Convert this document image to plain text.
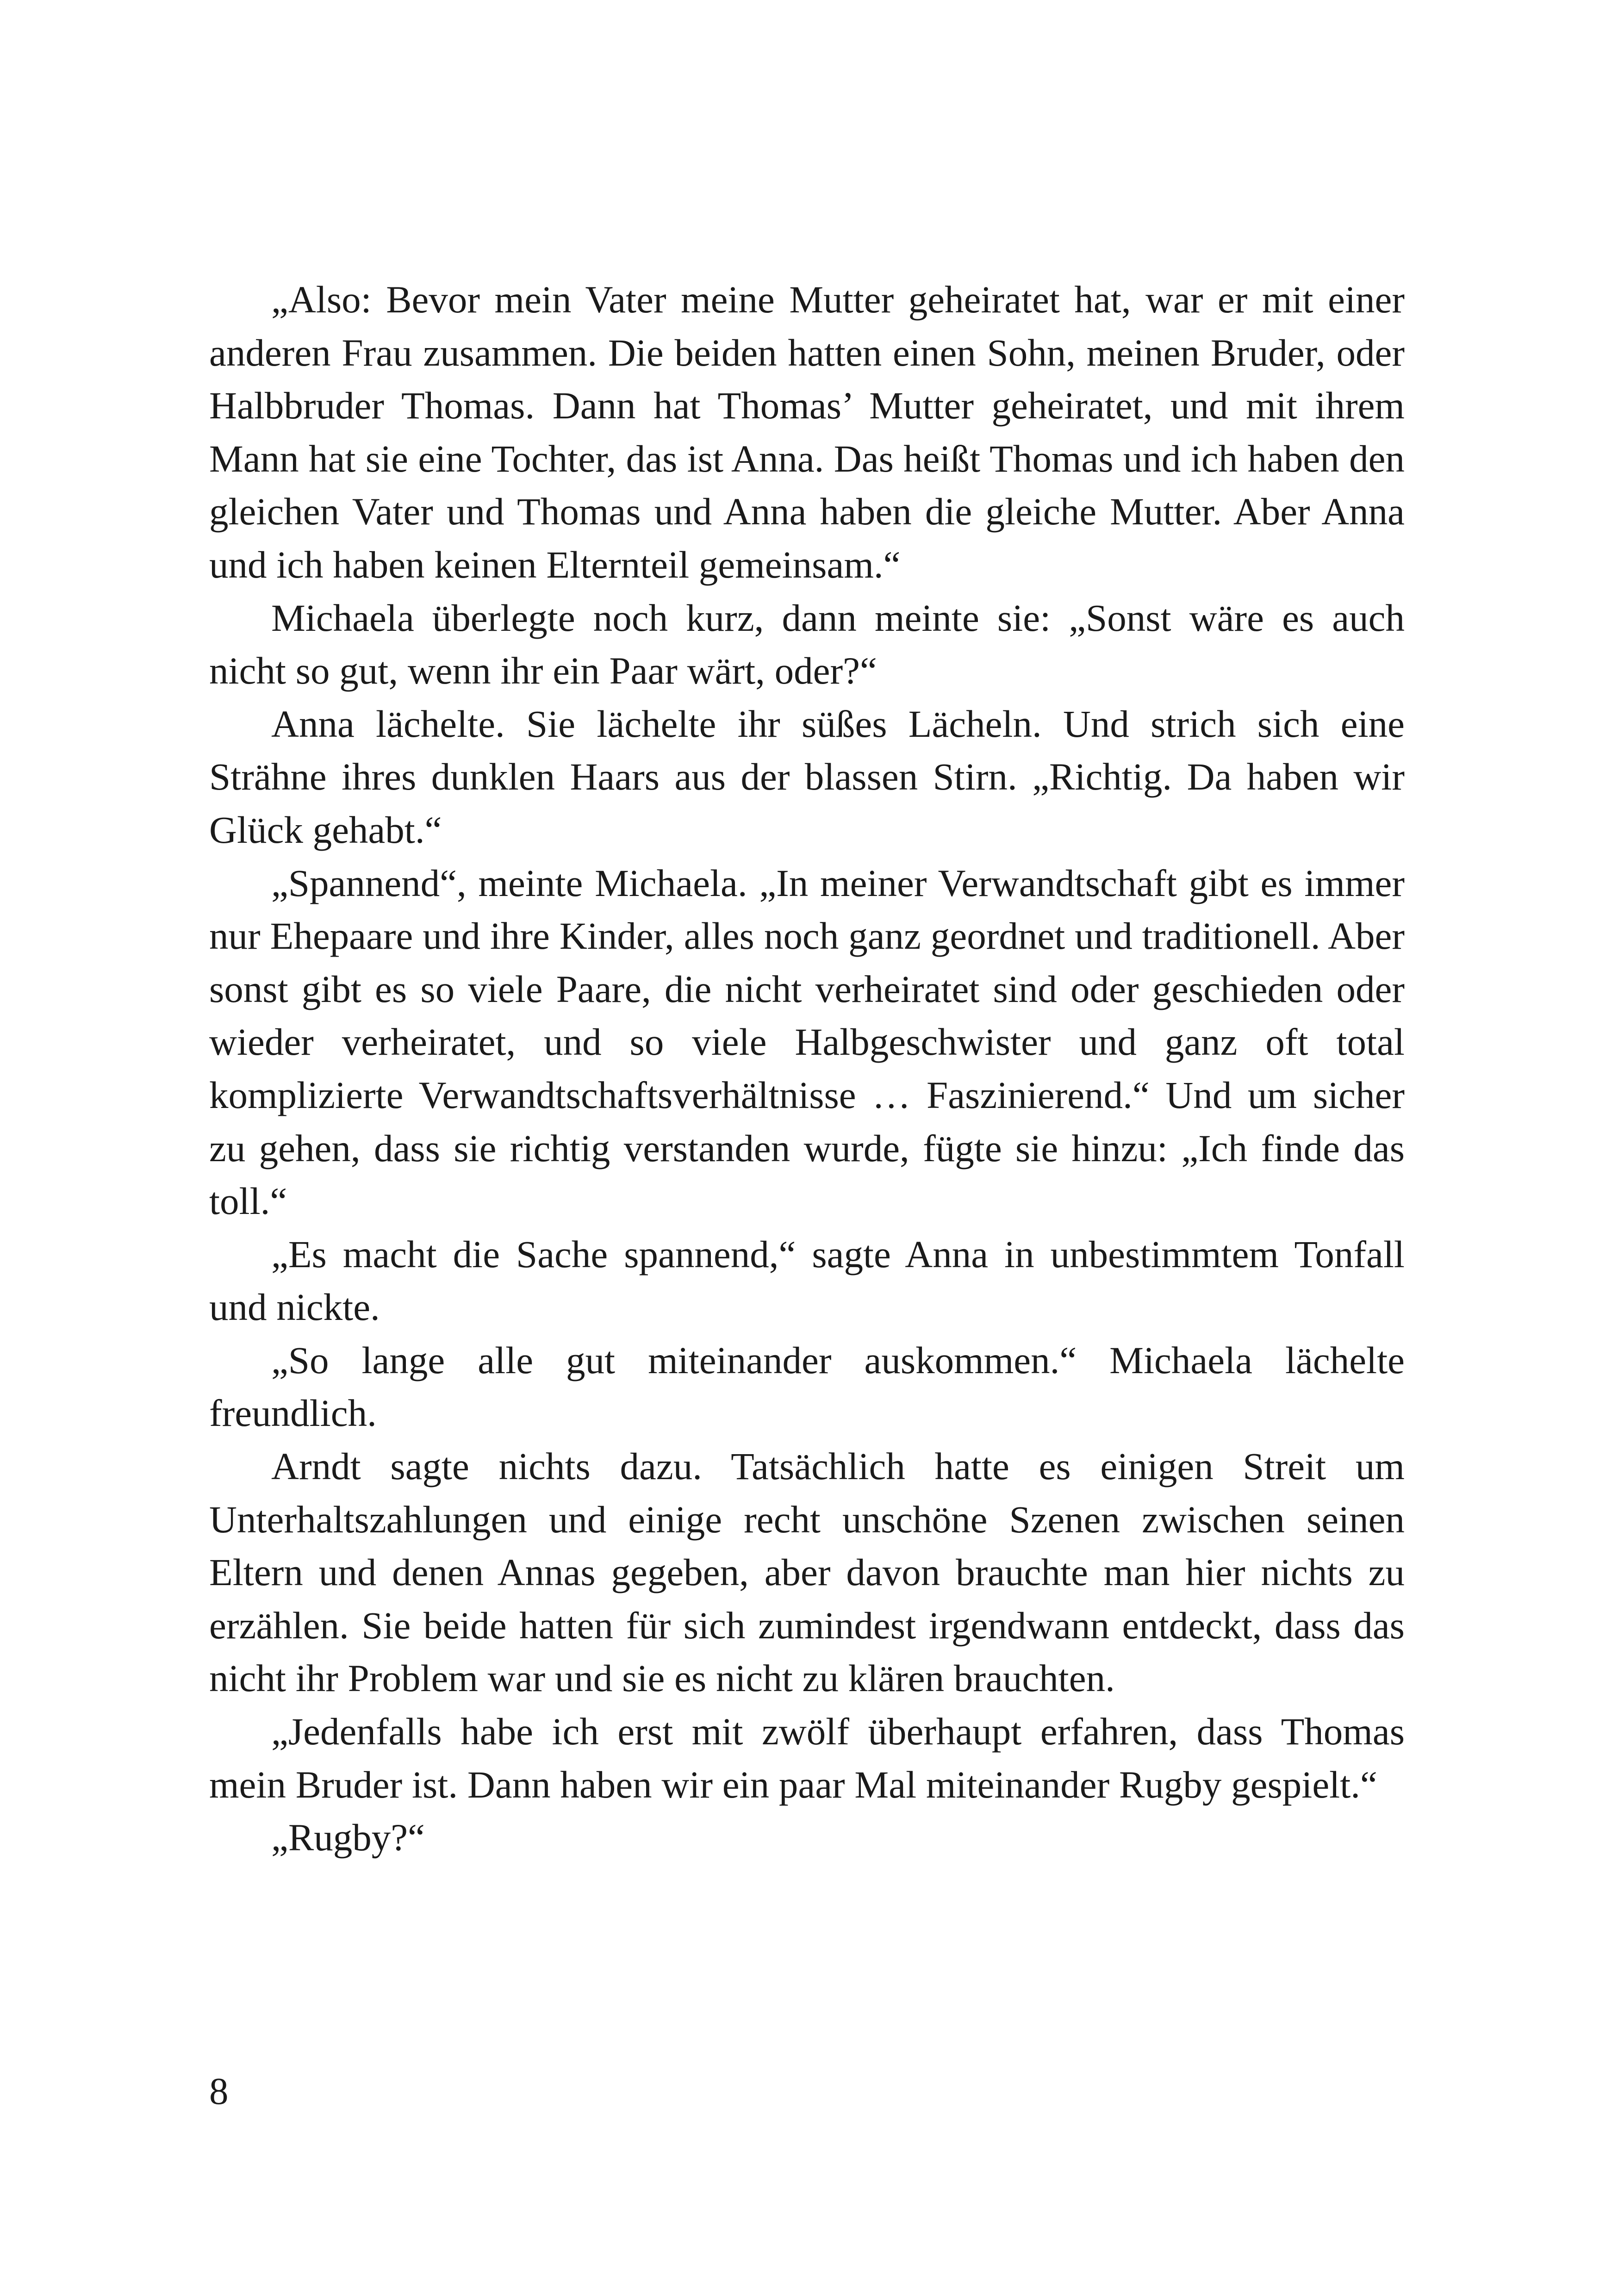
„Also: Bevor mein Vater meine Mutter geheiratet hat, war er mit einer anderen Frau zusammen. Die beiden hatten einen Sohn, meinen Bruder, oder Halbbruder Thomas. Dann hat Thomas’ Mutter geheiratet, und mit ihrem Mann hat sie eine Tochter, das ist Anna. Das heißt Thomas und ich haben den gleichen Vater und Thomas und Anna haben die gleiche Mutter. Aber Anna und ich haben keinen Elternteil gemeinsam.“

Michaela überlegte noch kurz, dann meinte sie: „Sonst wäre es auch nicht so gut, wenn ihr ein Paar wärt, oder?“

Anna lächelte. Sie lächelte ihr süßes Lächeln. Und strich sich eine Strähne ihres dunklen Haars aus der blassen Stirn. „Richtig. Da haben wir Glück gehabt.“

„Spannend“, meinte Michaela. „In meiner Verwandtschaft gibt es immer nur Ehepaare und ihre Kinder, alles noch ganz geordnet und traditionell. Aber sonst gibt es so viele Paare, die nicht verheiratet sind oder geschieden oder wieder verheiratet, und so viele Halbgeschwister und ganz oft total komplizierte Verwandtschaftsverhältnisse … Faszinierend.“ Und um sicher zu gehen, dass sie richtig verstanden wurde, fügte sie hinzu: „Ich finde das toll.“

„Es macht die Sache spannend,“ sagte Anna in unbestimmtem Tonfall und nickte.

„So lange alle gut miteinander auskommen.“ Michaela lächelte freundlich.

Arndt sagte nichts dazu. Tatsächlich hatte es einigen Streit um Unterhaltszahlungen und einige recht unschöne Szenen zwischen seinen Eltern und denen Annas gegeben, aber davon brauchte man hier nichts zu erzählen. Sie beide hatten für sich zumindest irgendwann entdeckt, dass das nicht ihr Problem war und sie es nicht zu klären brauchten.

„Jedenfalls habe ich erst mit zwölf überhaupt erfahren, dass Thomas mein Bruder ist. Dann haben wir ein paar Mal miteinander Rugby gespielt.“

„Rugby?“

8
